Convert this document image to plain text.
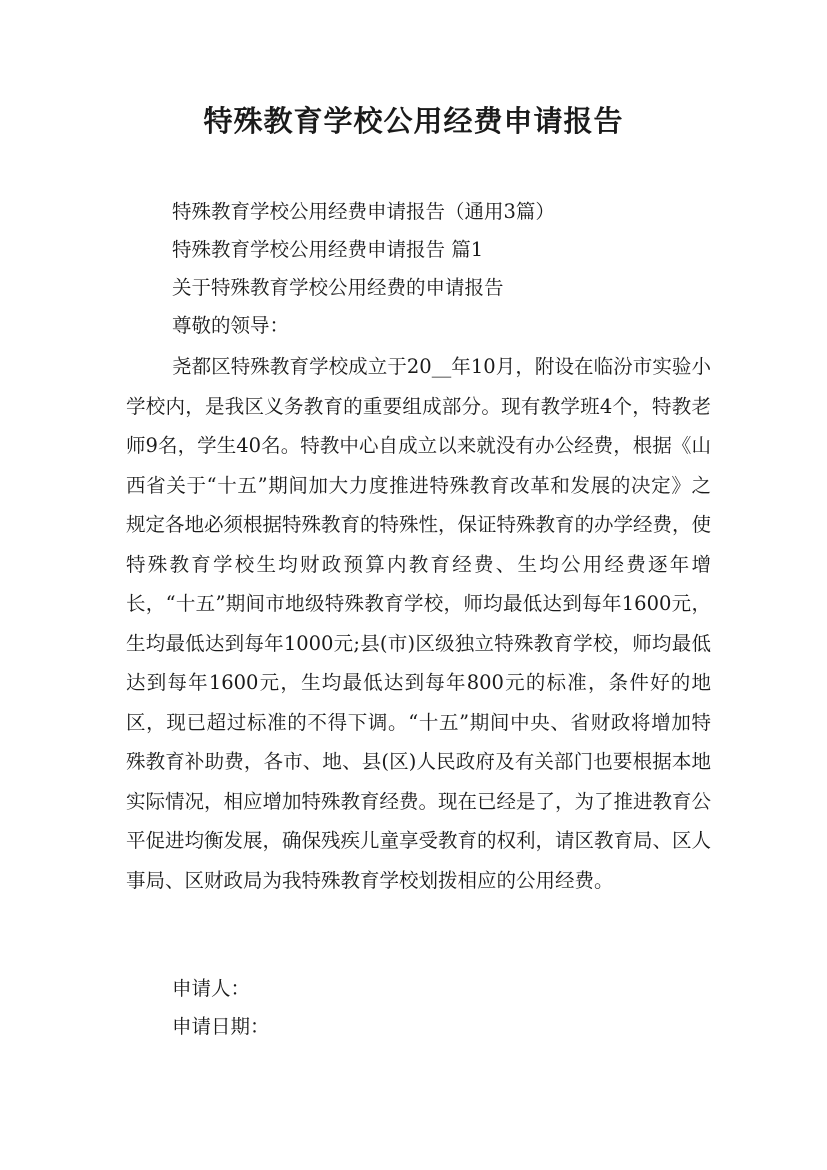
特殊教育学校公用经费申请报告

特殊教育学校公用经费申请报告（通用3篇）

特殊教育学校公用经费申请报告 篇1

关于特殊教育学校公用经费的申请报告

尊敬的领导：

尧都区特殊教育学校成立于20__年10月，附设在临汾市实验小学校内，是我区义务教育的重要组成部分。现有教学班4个，特教老师9名，学生40名。特教中心自成立以来就没有办公经费，根据《山西省关于“十五”期间加大力度推进特殊教育改革和发展的决定》之规定各地必须根据特殊教育的特殊性，保证特殊教育的办学经费，使特殊教育学校生均财政预算内教育经费、生均公用经费逐年增长，“十五”期间市地级特殊教育学校，师均最低达到每年1600元，生均最低达到每年1000元;县(市)区级独立特殊教育学校，师均最低达到每年1600元，生均最低达到每年800元的标准，条件好的地区，现已超过标准的不得下调。“十五”期间中央、省财政将增加特殊教育补助费，各市、地、县(区)人民政府及有关部门也要根据本地实际情况，相应增加特殊教育经费。现在已经是了，为了推进教育公平促进均衡发展，确保残疾儿童享受教育的权利，请区教育局、区人事局、区财政局为我特殊教育学校划拨相应的公用经费。

申请人：

申请日期：
